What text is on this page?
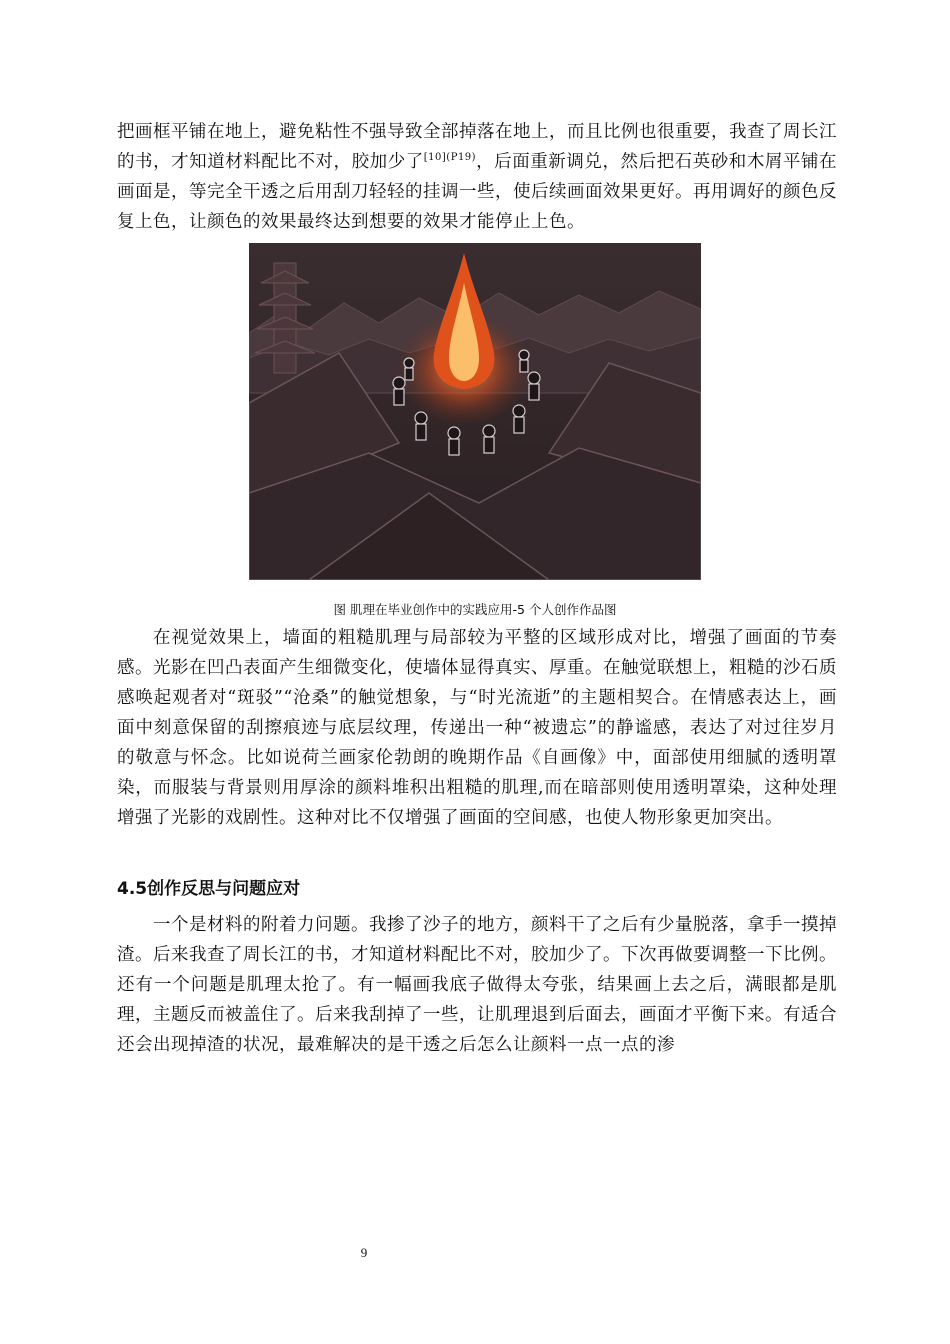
把画框平铺在地上，避免粘性不强导致全部掉落在地上，而且比例也很重要，我查了周长江的书，才知道材料配比不对，胶加少了$^{[10](P19)}$，后面重新调兑，然后把石英砂和木屑平铺在画面是，等完全干透之后用刮刀轻轻的挂调一些，使后续画面效果更好。再用调好的颜色反复上色，让颜色的效果最终达到想要的效果才能停止上色。

图 肌理在毕业创作中的实践应用-5 个人创作作品图

在视觉效果上，墙面的粗糙肌理与局部较为平整的区域形成对比，增强了画面的节奏感。光影在凹凸表面产生细微变化，使墙体显得真实、厚重。在触觉联想上，粗糙的沙石质感唤起观者对“斑驳”“沧桑”的触觉想象，与“时光流逝”的主题相契合。在情感表达上，画面中刻意保留的刮擦痕迹与底层纹理，传递出一种“被遗忘”的静谧感，表达了对过往岁月的敬意与怀念。比如说荷兰画家伦勃朗的晚期作品《自画像》中，面部使用细腻的透明罩染，而服装与背景则用厚涂的颜料堆积出粗糙的肌理,而在暗部则使用透明罩染，这种处理增强了光影的戏剧性。这种对比不仅增强了画面的空间感，也使人物形象更加突出。

4.5创作反思与问题应对

一个是材料的附着力问题。我掺了沙子的地方，颜料干了之后有少量脱落，拿手一摸掉渣。后来我查了周长江的书，才知道材料配比不对，胶加少了。下次再做要调整一下比例。还有一个问题是肌理太抢了。有一幅画我底子做得太夸张，结果画上去之后，满眼都是肌理，主题反而被盖住了。后来我刮掉了一些，让肌理退到后面去，画面才平衡下来。有适合还会出现掉渣的状况，最难解决的是干透之后怎么让颜料一点一点的渗

9
